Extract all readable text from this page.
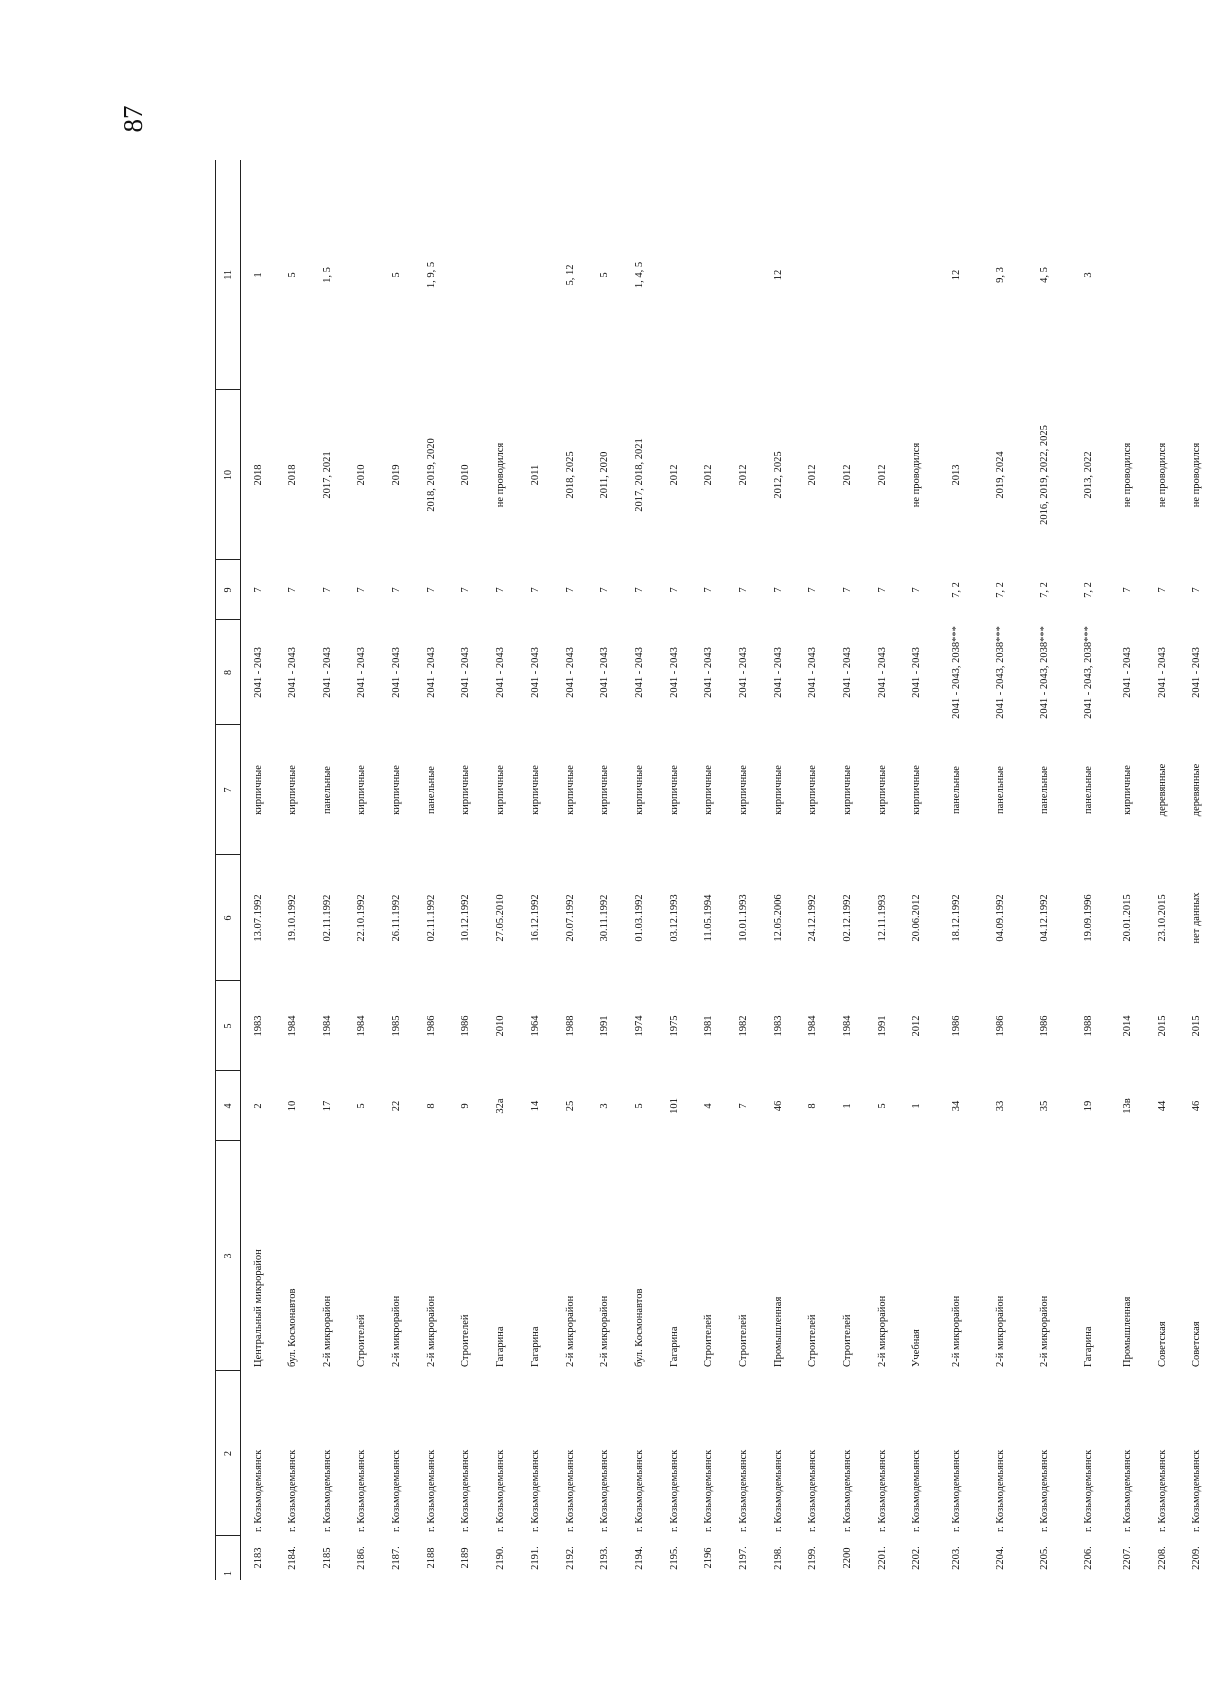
87
1	2	3	4	5	6	7	8	9	10	11
2183	г. Козьмодемьянск	Центральный микрорайон	2	1983	13.07.1992	кирпичные	2041 - 2043	7	2018	1
2184.	г. Козьмодемьянск	бул. Космонавтов	10	1984	19.10.1992	кирпичные	2041 - 2043	7	2018	5
2185	г. Козьмодемьянск	2-й микрорайон	17	1984	02.11.1992	панельные	2041 - 2043	7	2017, 2021	1, 5
2186.	г. Козьмодемьянск	Строителей	5	1984	22.10.1992	кирпичные	2041 - 2043	7	2010	
2187.	г. Козьмодемьянск	2-й микрорайон	22	1985	26.11.1992	кирпичные	2041 - 2043	7	2019	5
2188	г. Козьмодемьянск	2-й микрорайон	8	1986	02.11.1992	панельные	2041 - 2043	7	2018, 2019, 2020	1, 9, 5
2189	г. Козьмодемьянск	Строителей	9	1986	10.12.1992	кирпичные	2041 - 2043	7	2010	
2190.	г. Козьмодемьянск	Гагарина	32а	2010	27.05.2010	кирпичные	2041 - 2043	7	не проводился	
2191.	г. Козьмодемьянск	Гагарина	14	1964	16.12.1992	кирпичные	2041 - 2043	7	2011	
2192.	г. Козьмодемьянск	2-й микрорайон	25	1988	20.07.1992	кирпичные	2041 - 2043	7	2018, 2025	5, 12
2193.	г. Козьмодемьянск	2-й микрорайон	3	1991	30.11.1992	кирпичные	2041 - 2043	7	2011, 2020	5
2194.	г. Козьмодемьянск	бул. Космонавтов	5	1974	01.03.1992	кирпичные	2041 - 2043	7	2017, 2018, 2021	1, 4, 5
2195.	г. Козьмодемьянск	Гагарина	101	1975	03.12.1993	кирпичные	2041 - 2043	7	2012	
2196	г. Козьмодемьянск	Строителей	4	1981	11.05.1994	кирпичные	2041 - 2043	7	2012	
2197.	г. Козьмодемьянск	Строителей	7	1982	10.01.1993	кирпичные	2041 - 2043	7	2012	
2198.	г. Козьмодемьянск	Промышленная	46	1983	12.05.2006	кирпичные	2041 - 2043	7	2012, 2025	12
2199.	г. Козьмодемьянск	Строителей	8	1984	24.12.1992	кирпичные	2041 - 2043	7	2012	
2200	г. Козьмодемьянск	Строителей	1	1984	02.12.1992	кирпичные	2041 - 2043	7	2012	
2201.	г. Козьмодемьянск	2-й микрорайон	5	1991	12.11.1993	кирпичные	2041 - 2043	7	2012	
2202.	г. Козьмодемьянск	Учебная	1	2012	20.06.2012	кирпичные	2041 - 2043	7	не проводился	
2203.	г. Козьмодемьянск	2-й микрорайон	34	1986	18.12.1992	панельные	2041 - 2043, 2038***	7, 2	2013	12
2204.	г. Козьмодемьянск	2-й микрорайон	33	1986	04.09.1992	панельные	2041 - 2043, 2038***	7, 2	2019, 2024	9, 3
2205.	г. Козьмодемьянск	2-й микрорайон	35	1986	04.12.1992	панельные	2041 - 2043, 2038***	7, 2	2016, 2019, 2022, 2025	4, 5
2206.	г. Козьмодемьянск	Гагарина	19	1988	19.09.1996	панельные	2041 - 2043, 2038***	7, 2	2013, 2022	3
2207.	г. Козьмодемьянск	Промышленная	13в	2014	20.01.2015	кирпичные	2041 - 2043	7	не проводился	
2208.	г. Козьмодемьянск	Советская	44	2015	23.10.2015	деревянные	2041 - 2043	7	не проводился	
2209.	г. Козьмодемьянск	Советская	46	2015	нет данных	деревянные	2041 - 2043	7	не проводился	
